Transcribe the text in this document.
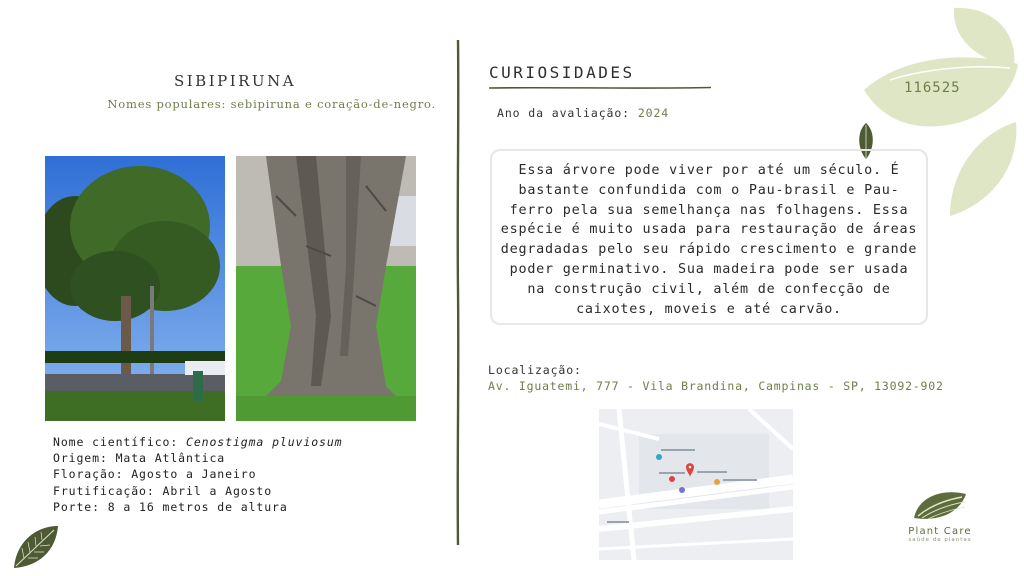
SIBIPIRUNA
Nomes populares: sebipiruna e coração-de-negro.
Nome científico: Cenostigma pluviosum
Origem: Mata Atlântica
Floração: Agosto a Janeiro
Frutificação: Abril a Agosto
Porte: 8 a 16 metros de altura
CURIOSIDADES
Ano da avaliação: 2024
Essa árvore pode viver por até um século. É bastante confundida com o Pau-brasil e Pau-ferro pela sua semelhança nas folhagens. Essa espécie é muito usada para restauração de áreas degradadas pelo seu rápido crescimento e grande poder germinativo. Sua madeira pode ser usada na construção civil, além de confecção de caixotes, moveis e até carvão.
Localização:
Av. Iguatemi, 777 - Vila Brandina, Campinas - SP, 13092-902
116525
Plant Care
saúde de plantas
